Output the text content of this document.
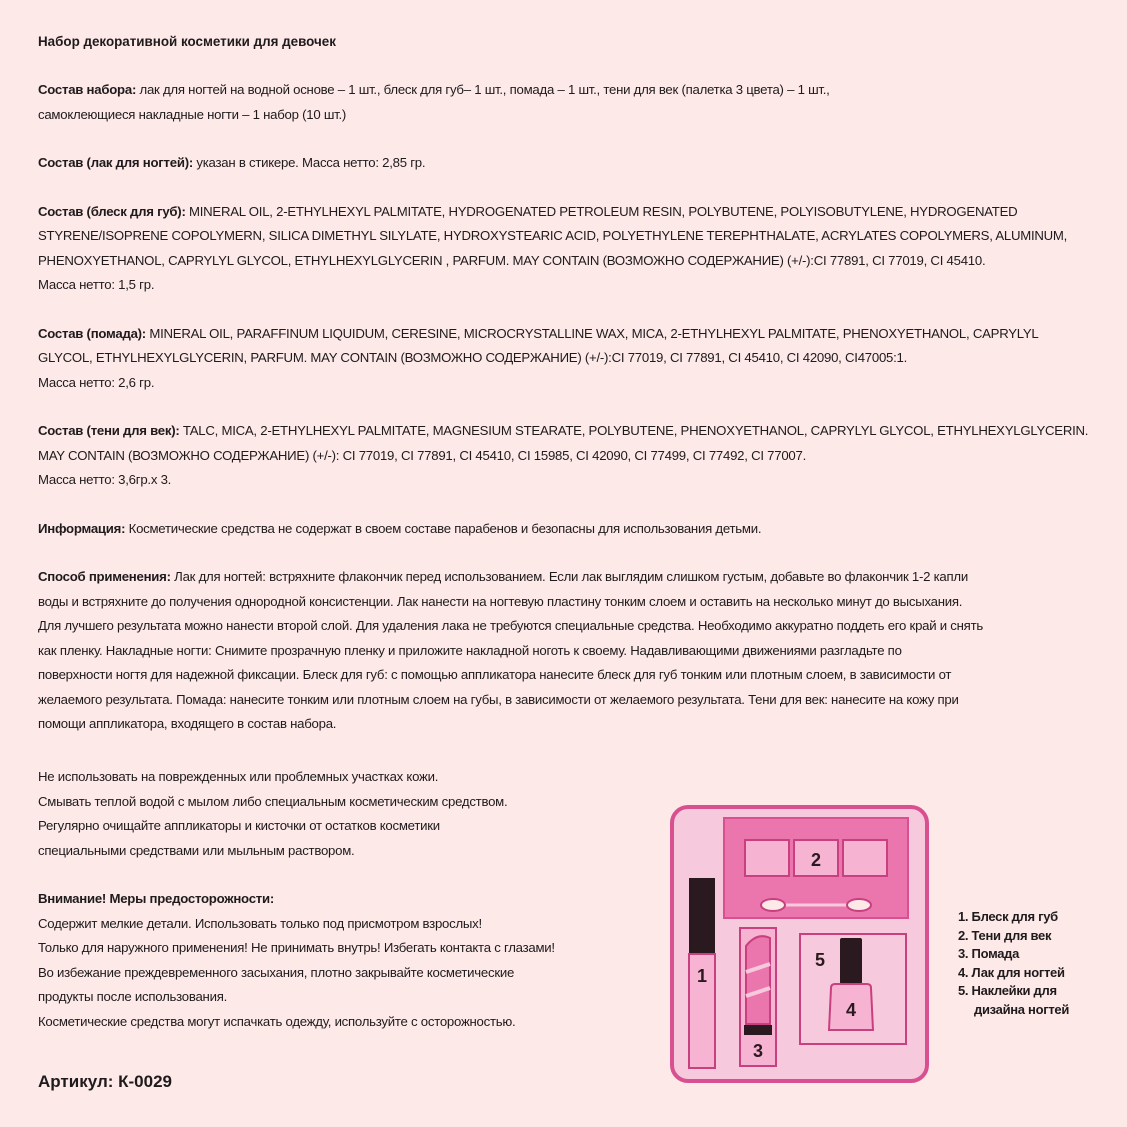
Набор декоративной косметики для девочек

Состав набора: лак для ногтей на водной основе – 1 шт., блеск для губ– 1 шт., помада – 1 шт., тени для век (палетка 3 цвета) – 1 шт.,

самоклеющиеся накладные ногти – 1 набор (10 шт.)

Состав (лак для ногтей): указан в стикере. Масса нетто: 2,85 гр.

Состав (блеск для губ): MINERAL OIL, 2-ETHYLHEXYL PALMITATE, HYDROGENATED PETROLEUM RESIN, POLYBUTENE, POLYISOBUTYLENE, HYDROGENATED

STYRENE/ISOPRENE COPOLYMERN, SILICA DIMETHYL SILYLATE, HYDROXYSTEARIC ACID, POLYETHYLENE TEREPHTHALATE, ACRYLATES COPOLYMERS, ALUMINUM,

PHENOXYETHANOL, CAPRYLYL GLYCOL, ETHYLHEXYLGLYCERIN , PARFUM. MAY CONTAIN (ВОЗМОЖНО СОДЕРЖАНИЕ) (+/-):CI 77891, CI 77019, CI 45410.

Масса нетто: 1,5 гр.

Состав (помада): MINERAL OIL, PARAFFINUM LIQUIDUM, CERESINE, MICROCRYSTALLINE WAX, MICA, 2-ETHYLHEXYL PALMITATE, PHENOXYETHANOL, CAPRYLYL

GLYCOL, ETHYLHEXYLGLYCERIN, PARFUM. MAY CONTAIN (ВОЗМОЖНО СОДЕРЖАНИЕ) (+/-):CI 77019, CI 77891, CI 45410, CI 42090, CI47005:1.

Масса нетто: 2,6 гр.

Состав (тени для век): TALC, MICA, 2-ETHYLHEXYL PALMITATE, MAGNESIUM STEARATE, POLYBUTENE, PHENOXYETHANOL, CAPRYLYL GLYCOL, ETHYLHEXYLGLYCERIN.

MAY CONTAIN (ВОЗМОЖНО СОДЕРЖАНИЕ) (+/-): CI 77019, CI 77891, CI 45410, CI 15985, CI 42090, CI 77499, CI 77492, CI 77007.

Масса нетто: 3,6гр.x 3.

Информация: Косметические средства не содержат в своем составе парабенов и безопасны для использования детьми.

Способ применения: Лак для ногтей: встряхните флакончик перед использованием. Если лак выглядим слишком густым, добавьте во флакончик 1-2 капли

воды и встряхните до получения однородной консистенции. Лак нанести на ногтевую пластину тонким слоем и оставить на несколько минут до высыхания.

Для лучшего результата можно нанести второй слой. Для удаления лака не требуются специальные средства. Необходимо аккуратно поддеть его край и снять

как пленку. Накладные ногти: Снимите прозрачную пленку и приложите накладной ноготь к своему. Надавливающими движениями разгладьте по

поверхности ногтя для надежной фиксации. Блеск для губ: с помощью аппликатора нанесите блеск для губ тонким или плотным слоем, в зависимости от

желаемого результата. Помада: нанесите тонким или плотным слоем на губы, в зависимости от желаемого результата. Тени для век: нанесите на кожу при

помощи аппликатора, входящего в состав набора.

Не использовать на поврежденных или проблемных участках кожи.

Смывать теплой водой с мылом либо специальным косметическим средством.

Регулярно очищайте аппликаторы и кисточки от остатков косметики

специальными средствами или мыльным раствором.

Внимание! Меры предосторожности:

Содержит мелкие детали. Использовать только под присмотром взрослых!

Только для наружного применения! Не принимать внутрь! Избегать контакта с глазами!

Во избежание преждевременного засыхания, плотно закрывайте косметические

продукты после использования.

Косметические средства могут испачкать одежду, используйте с осторожностью.

Артикул: К-0029
2
1
3
5
4
1. Блеск для губ
2. Тени для век
3. Помада
4. Лак для ногтей
5. Наклейки для
дизайна ногтей
